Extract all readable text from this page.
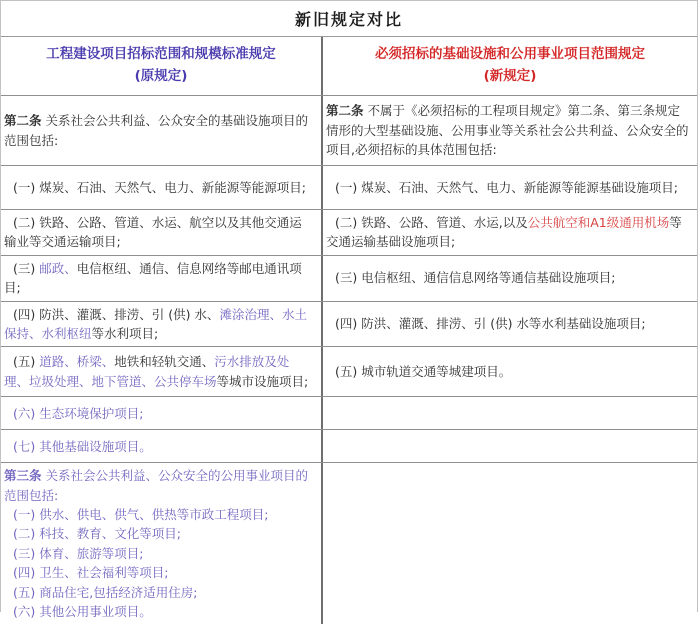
新旧规定对比
工程建设项目招标范围和规模标准规定
(原规定)
必须招标的基础设施和公用事业项目范围规定
(新规定)

第二条 关系社会公共利益、公众安全的基础设施项目的范围包括:

第二条 不属于《必须招标的工程项目规定》第二条、第三条规定情形的大型基础设施、公用事业等关系社会公共利益、公众安全的项目,必须招标的具体范围包括:

(一) 煤炭、石油、天然气、电力、新能源等能源项目;	(一) 煤炭、石油、天然气、电力、新能源等能源基础设施项目;

(二) 铁路、公路、管道、水运、航空以及其他交通运输业等交通运输项目;

(二) 铁路、公路、管道、水运,以及公共航空和A1级通用机场等交通运输基础设施项目;

(三) 邮政、电信枢纽、通信、信息网络等邮电通讯项目;

(三) 电信枢纽、通信信息网络等通信基础设施项目;

(四) 防洪、灌溉、排涝、引 (供) 水、滩涂治理、水土保持、水利枢纽等水利项目;

(四) 防洪、灌溉、排涝、引 (供) 水等水利基础设施项目;

(五) 道路、桥梁、地铁和轻轨交通、污水排放及处理、垃圾处理、地下管道、公共停车场等城市设施项目;

(五) 城市轨道交通等城建项目。

(六) 生态环境保护项目;

(七) 其他基础设施项目。

第三条 关系社会公共利益、公众安全的公用事业项目的范围包括:

(一) 供水、供电、供气、供热等市政工程项目;

(二) 科技、教育、文化等项目;

(三) 体育、旅游等项目;

(四) 卫生、社会福利等项目;

(五) 商品住宅,包括经济适用住房;

(六) 其他公用事业项目。
